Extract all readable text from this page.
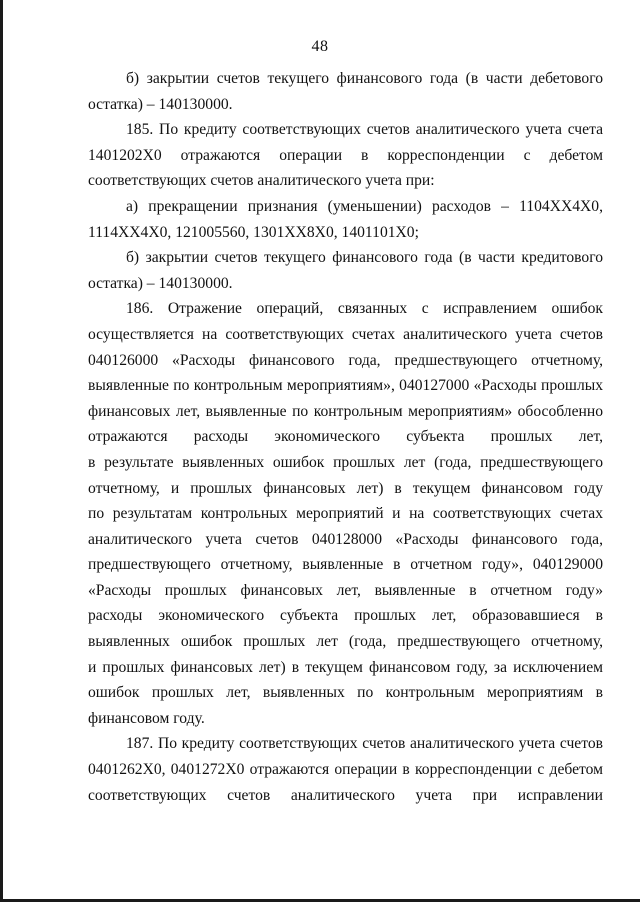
48
б) закрытии счетов текущего финансового года (в части дебетового
остатка) – 140130000.
185. По кредиту соответствующих счетов аналитического учета счета
1401202Х0 отражаются операции в корреспонденции с дебетом
соответствующих счетов аналитического учета при:
а) прекращении признания (уменьшении) расходов – 1104ХХ4Х0,
1114ХХ4Х0, 121005560, 1301ХХ8Х0, 1401101Х0;
б) закрытии счетов текущего финансового года (в части кредитового
остатка) – 140130000.
186. Отражение операций, связанных с исправлением ошибок
осуществляется на соответствующих счетах аналитического учета счетов
040126000 «Расходы финансового года, предшествующего отчетному,
выявленные по контрольным мероприятиям», 040127000 «Расходы прошлых
финансовых лет, выявленные по контрольным мероприятиям» обособленно
отражаются расходы экономического субъекта прошлых лет,
в результате выявленных ошибок прошлых лет (года, предшествующего
отчетному, и прошлых финансовых лет) в текущем финансовом году
по результатам контрольных мероприятий и на соответствующих счетах
аналитического учета счетов 040128000 «Расходы финансового года,
предшествующего отчетному, выявленные в отчетном году», 040129000
«Расходы прошлых финансовых лет, выявленные в отчетном году»
расходы экономического субъекта прошлых лет, образовавшиеся в
выявленных ошибок прошлых лет (года, предшествующего отчетному,
и прошлых финансовых лет) в текущем финансовом году, за исключением
ошибок прошлых лет, выявленных по контрольным мероприятиям в
финансовом году.
187. По кредиту соответствующих счетов аналитического учета счетов
0401262Х0, 0401272Х0 отражаются операции в корреспонденции с дебетом
соответствующих счетов аналитического учета при исправлении
